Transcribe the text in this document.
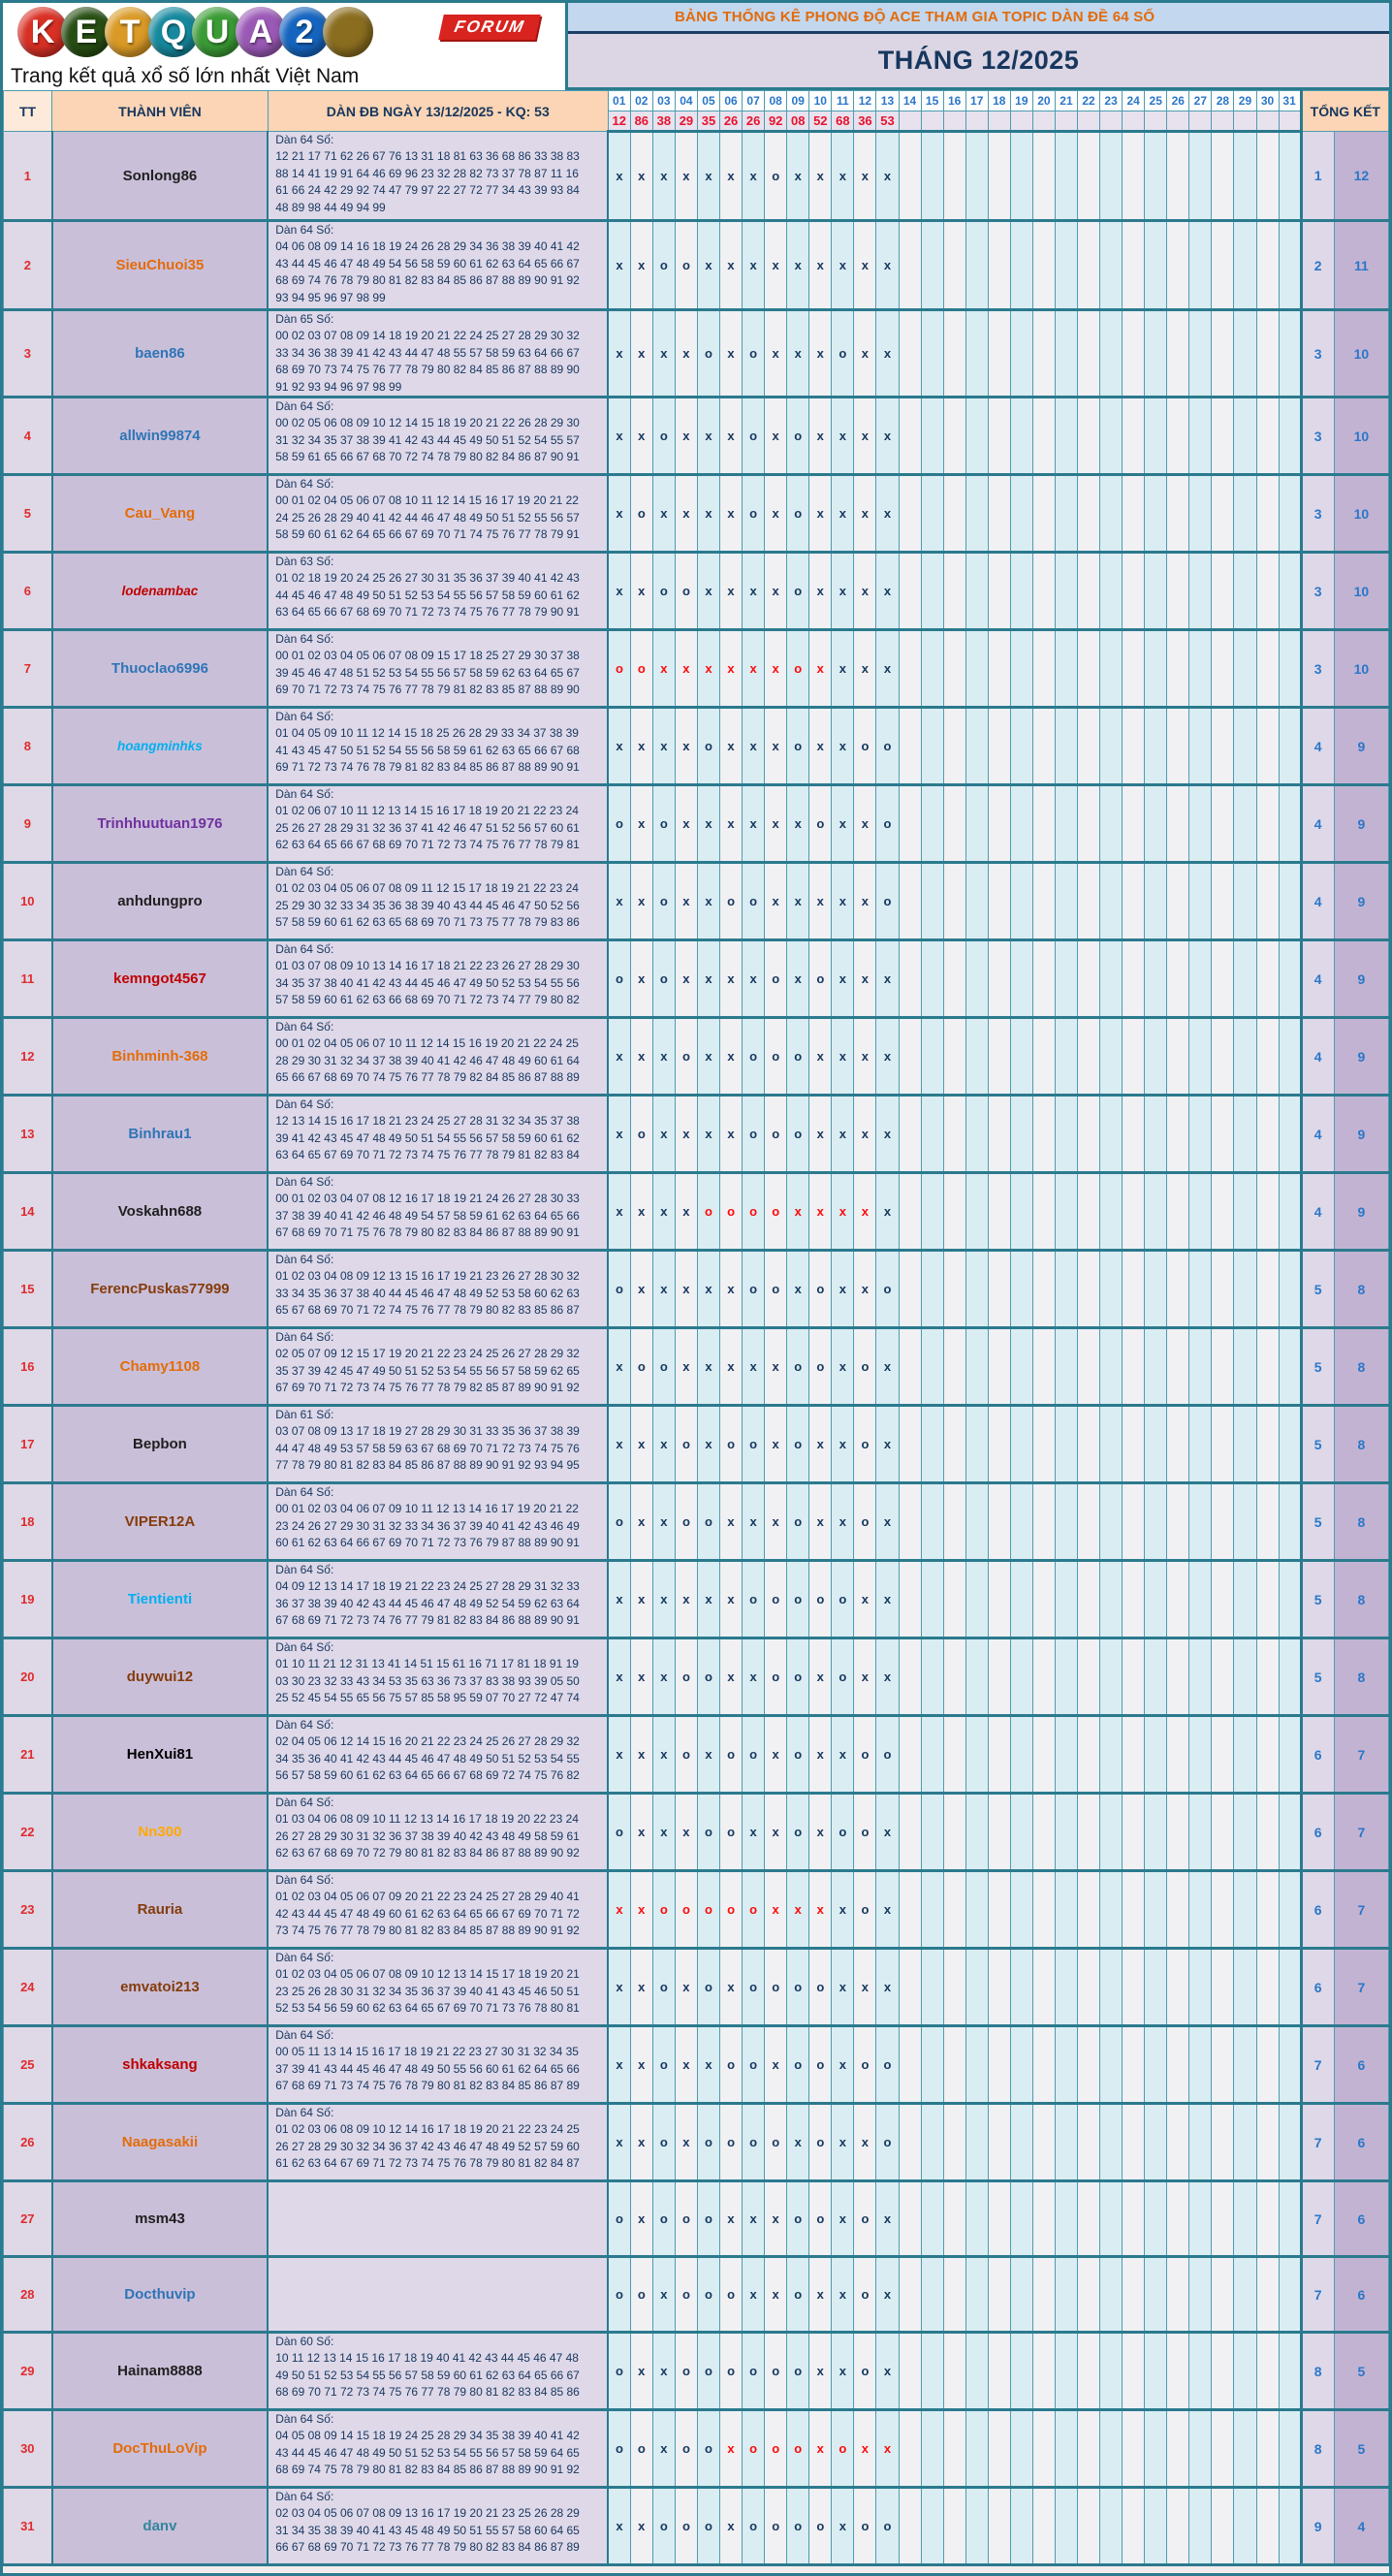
K E T Q U A 2	FORUM
Trang kết quả xổ số lớn nhất Việt Nam
BẢNG THỐNG KÊ PHONG ĐỘ ACE THAM GIA TOPIC DÀN ĐỀ 64 SỐ
THÁNG 12/2025
TT	THÀNH VIÊN	DÀN ĐB NGÀY 13/12/2025 - KQ: 53	01	02	03	04	05	06	07	08	09	10	11	12	13	14	15	16	17	18	19	20	21	22	23	24	25	26	27	28	29	30	31	TỔNG KẾT	
			12	86	38	29	35	26	26	92	08	52	68	36	53																				
1	Sonlong86	Dàn 64 Số:
12 21 17 71 62 26 67 76 13 31 18 81 63 36 68 86 33 38 83
88 14 41 19 91 64 46 69 96 23 32 28 82 73 37 78 87 11 16
61 66 24 42 29 92 74 47 79 97 22 27 72 77 34 43 39 93 84
48 89 98 44 49 94 99	x	x	x	x	x	x	x	o	x	x	x	x	x																			1	12
2	SieuChuoi35	Dàn 64 Số:
04 06 08 09 14 16 18 19 24 26 28 29 34 36 38 39 40 41 42
43 44 45 46 47 48 49 54 56 58 59 60 61 62 63 64 65 66 67
68 69 74 76 78 79 80 81 82 83 84 85 86 87 88 89 90 91 92
93 94 95 96 97 98 99	x	x	o	o	x	x	x	x	x	x	x	x	x																			2	11
3	baen86	Dàn 65 Số:
00 02 03 07 08 09 14 18 19 20 21 22 24 25 27 28 29 30 32
33 34 36 38 39 41 42 43 44 47 48 55 57 58 59 63 64 66 67
68 69 70 73 74 75 76 77 78 79 80 82 84 85 86 87 88 89 90
91 92 93 94 96 97 98 99	x	x	x	x	o	x	o	x	x	x	o	x	x																			3	10
4	allwin99874	Dàn 64 Số:
00 02 05 06 08 09 10 12 14 15 18 19 20 21 22 26 28 29 30
31 32 34 35 37 38 39 41 42 43 44 45 49 50 51 52 54 55 57
58 59 61 65 66 67 68 70 72 74 78 79 80 82 84 86 87 90 91	x	x	o	x	x	x	o	x	o	x	x	x	x																			3	10
5	Cau_Vang	Dàn 64 Số:
00 01 02 04 05 06 07 08 10 11 12 14 15 16 17 19 20 21 22
24 25 26 28 29 40 41 42 44 46 47 48 49 50 51 52 55 56 57
58 59 60 61 62 64 65 66 67 69 70 71 74 75 76 77 78 79 91	x	o	x	x	x	x	o	x	o	x	x	x	x																			3	10
6	lodenambac	Dàn 63 Số:
01 02 18 19 20 24 25 26 27 30 31 35 36 37 39 40 41 42 43
44 45 46 47 48 49 50 51 52 53 54 55 56 57 58 59 60 61 62
63 64 65 66 67 68 69 70 71 72 73 74 75 76 77 78 79 90 91	x	x	o	o	x	x	x	x	o	x	x	x	x																			3	10
7	Thuoclao6996	Dàn 64 Số:
00 01 02 03 04 05 06 07 08 09 15 17 18 25 27 29 30 37 38
39 45 46 47 48 51 52 53 54 55 56 57 58 59 62 63 64 65 67
69 70 71 72 73 74 75 76 77 78 79 81 82 83 85 87 88 89 90	o	o	x	x	x	x	x	x	o	x	x	x	x																			3	10
8	hoangminhks	Dàn 64 Số:
01 04 05 09 10 11 12 14 15 18 25 26 28 29 33 34 37 38 39
41 43 45 47 50 51 52 54 55 56 58 59 61 62 63 65 66 67 68
69 71 72 73 74 76 78 79 81 82 83 84 85 86 87 88 89 90 91	x	x	x	x	o	x	x	x	o	x	x	o	o																			4	9
9	Trinhhuutuan1976	Dàn 64 Số:
01 02 06 07 10 11 12 13 14 15 16 17 18 19 20 21 22 23 24
25 26 27 28 29 31 32 36 37 41 42 46 47 51 52 56 57 60 61
62 63 64 65 66 67 68 69 70 71 72 73 74 75 76 77 78 79 81	o	x	o	x	x	x	x	x	x	o	x	x	o																			4	9
10	anhdungpro	Dàn 64 Số:
01 02 03 04 05 06 07 08 09 11 12 15 17 18 19 21 22 23 24
25 29 30 32 33 34 35 36 38 39 40 43 44 45 46 47 50 52 56
57 58 59 60 61 62 63 65 68 69 70 71 73 75 77 78 79 83 86	x	x	o	x	x	o	o	x	x	x	x	x	o																			4	9
11	kemngot4567	Dàn 64 Số:
01 03 07 08 09 10 13 14 16 17 18 21 22 23 26 27 28 29 30
34 35 37 38 40 41 42 43 44 45 46 47 49 50 52 53 54 55 56
57 58 59 60 61 62 63 66 68 69 70 71 72 73 74 77 79 80 82	o	x	o	x	x	x	x	o	x	o	x	x	x																			4	9
12	Binhminh-368	Dàn 64 Số:
00 01 02 04 05 06 07 10 11 12 14 15 16 19 20 21 22 24 25
28 29 30 31 32 34 37 38 39 40 41 42 46 47 48 49 60 61 64
65 66 67 68 69 70 74 75 76 77 78 79 82 84 85 86 87 88 89	x	x	x	o	x	x	o	o	o	x	x	x	x																			4	9
13	Binhrau1	Dàn 64 Số:
12 13 14 15 16 17 18 21 23 24 25 27 28 31 32 34 35 37 38
39 41 42 43 45 47 48 49 50 51 54 55 56 57 58 59 60 61 62
63 64 65 67 69 70 71 72 73 74 75 76 77 78 79 81 82 83 84	x	o	x	x	x	x	o	o	o	x	x	x	x																			4	9
14	Voskahn688	Dàn 64 Số:
00 01 02 03 04 07 08 12 16 17 18 19 21 24 26 27 28 30 33
37 38 39 40 41 42 46 48 49 54 57 58 59 61 62 63 64 65 66
67 68 69 70 71 75 76 78 79 80 82 83 84 86 87 88 89 90 91	x	x	x	x	o	o	o	o	x	x	x	x	x																			4	9
15	FerencPuskas77999	Dàn 64 Số:
01 02 03 04 08 09 12 13 15 16 17 19 21 23 26 27 28 30 32
33 34 35 36 37 38 40 44 45 46 47 48 49 52 53 58 60 62 63
65 67 68 69 70 71 72 74 75 76 77 78 79 80 82 83 85 86 87	o	x	x	x	x	x	o	o	x	o	x	x	o																			5	8
16	Chamy1108	Dàn 64 Số:
02 05 07 09 12 15 17 19 20 21 22 23 24 25 26 27 28 29 32
35 37 39 42 45 47 49 50 51 52 53 54 55 56 57 58 59 62 65
67 69 70 71 72 73 74 75 76 77 78 79 82 85 87 89 90 91 92	x	o	o	x	x	x	x	x	o	o	x	o	x																			5	8
17	Bepbon	Dàn 61 Số:
03 07 08 09 13 17 18 19 27 28 29 30 31 33 35 36 37 38 39
44 47 48 49 53 57 58 59 63 67 68 69 70 71 72 73 74 75 76
77 78 79 80 81 82 83 84 85 86 87 88 89 90 91 92 93 94 95	x	x	x	o	x	o	o	x	o	x	x	o	x																			5	8
18	VIPER12A	Dàn 64 Số:
00 01 02 03 04 06 07 09 10 11 12 13 14 16 17 19 20 21 22
23 24 26 27 29 30 31 32 33 34 36 37 39 40 41 42 43 46 49
60 61 62 63 64 66 67 69 70 71 72 73 76 79 87 88 89 90 91	o	x	x	o	o	x	x	x	o	x	x	o	x																			5	8
19	Tientienti	Dàn 64 Số:
04 09 12 13 14 17 18 19 21 22 23 24 25 27 28 29 31 32 33
36 37 38 39 40 42 43 44 45 46 47 48 49 52 54 59 62 63 64
67 68 69 71 72 73 74 76 77 79 81 82 83 84 86 88 89 90 91	x	x	x	x	x	x	o	o	o	o	o	x	x																			5	8
20	duywui12	Dàn 64 Số:
01 10 11 21 12 31 13 41 14 51 15 61 16 71 17 81 18 91 19
03 30 23 32 33 43 34 53 35 63 36 73 37 83 38 93 39 05 50
25 52 45 54 55 65 56 75 57 85 58 95 59 07 70 27 72 47 74	x	x	x	o	o	x	x	o	o	x	o	x	x																			5	8
21	HenXui81	Dàn 64 Số:
02 04 05 06 12 14 15 16 20 21 22 23 24 25 26 27 28 29 32
34 35 36 40 41 42 43 44 45 46 47 48 49 50 51 52 53 54 55
56 57 58 59 60 61 62 63 64 65 66 67 68 69 72 74 75 76 82	x	x	x	o	x	o	o	x	o	x	x	o	o																			6	7
22	Nn300	Dàn 64 Số:
01 03 04 06 08 09 10 11 12 13 14 16 17 18 19 20 22 23 24
26 27 28 29 30 31 32 36 37 38 39 40 42 43 48 49 58 59 61
62 63 67 68 69 70 72 79 80 81 82 83 84 86 87 88 89 90 92	o	x	x	x	o	o	x	x	o	x	o	o	x																			6	7
23	Rauria	Dàn 64 Số:
01 02 03 04 05 06 07 09 20 21 22 23 24 25 27 28 29 40 41
42 43 44 45 47 48 49 60 61 62 63 64 65 66 67 69 70 71 72
73 74 75 76 77 78 79 80 81 82 83 84 85 87 88 89 90 91 92	x	x	o	o	o	o	o	x	x	x	x	o	x																			6	7
24	emvatoi213	Dàn 64 Số:
01 02 03 04 05 06 07 08 09 10 12 13 14 15 17 18 19 20 21
23 25 26 28 30 31 32 34 35 36 37 39 40 41 43 45 46 50 51
52 53 54 56 59 60 62 63 64 65 67 69 70 71 73 76 78 80 81	x	x	o	x	o	x	o	o	o	o	x	x	x																			6	7
25	shkaksang	Dàn 64 Số:
00 05 11 13 14 15 16 17 18 19 21 22 23 27 30 31 32 34 35
37 39 41 43 44 45 46 47 48 49 50 55 56 60 61 62 64 65 66
67 68 69 71 73 74 75 76 78 79 80 81 82 83 84 85 86 87 89	x	x	o	x	x	o	o	x	o	o	x	o	o																			7	6
26	Naagasakii	Dàn 64 Số:
01 02 03 06 08 09 10 12 14 16 17 18 19 20 21 22 23 24 25
26 27 28 29 30 32 34 36 37 42 43 46 47 48 49 52 57 59 60
61 62 63 64 67 69 71 72 73 74 75 76 78 79 80 81 82 84 87	x	x	o	x	o	o	o	o	x	o	x	x	o																			7	6
27	msm43		o	x	o	o	o	x	x	x	o	o	x	o	x																			7	6
28	Docthuvip		o	o	x	o	o	o	x	x	o	x	x	o	x																			7	6
29	Hainam8888	Dàn 60 Số:
10 11 12 13 14 15 16 17 18 19 40 41 42 43 44 45 46 47 48
49 50 51 52 53 54 55 56 57 58 59 60 61 62 63 64 65 66 67
68 69 70 71 72 73 74 75 76 77 78 79 80 81 82 83 84 85 86	o	x	x	o	o	o	o	o	o	x	x	o	x																			8	5
30	DocThuLoVip	Dàn 64 Số:
04 05 08 09 14 15 18 19 24 25 28 29 34 35 38 39 40 41 42
43 44 45 46 47 48 49 50 51 52 53 54 55 56 57 58 59 64 65
68 69 74 75 78 79 80 81 82 83 84 85 86 87 88 89 90 91 92	o	o	x	o	o	x	o	o	o	x	o	x	x																			8	5
31	danv	Dàn 64 Số:
02 03 04 05 06 07 08 09 13 16 17 19 20 21 23 25 26 28 29
31 34 35 38 39 40 41 43 45 48 49 50 51 55 57 58 60 64 65
66 67 68 69 70 71 72 73 76 77 78 79 80 82 83 84 86 87 89	x	x	o	o	o	x	o	o	o	o	x	o	o																			9	4
